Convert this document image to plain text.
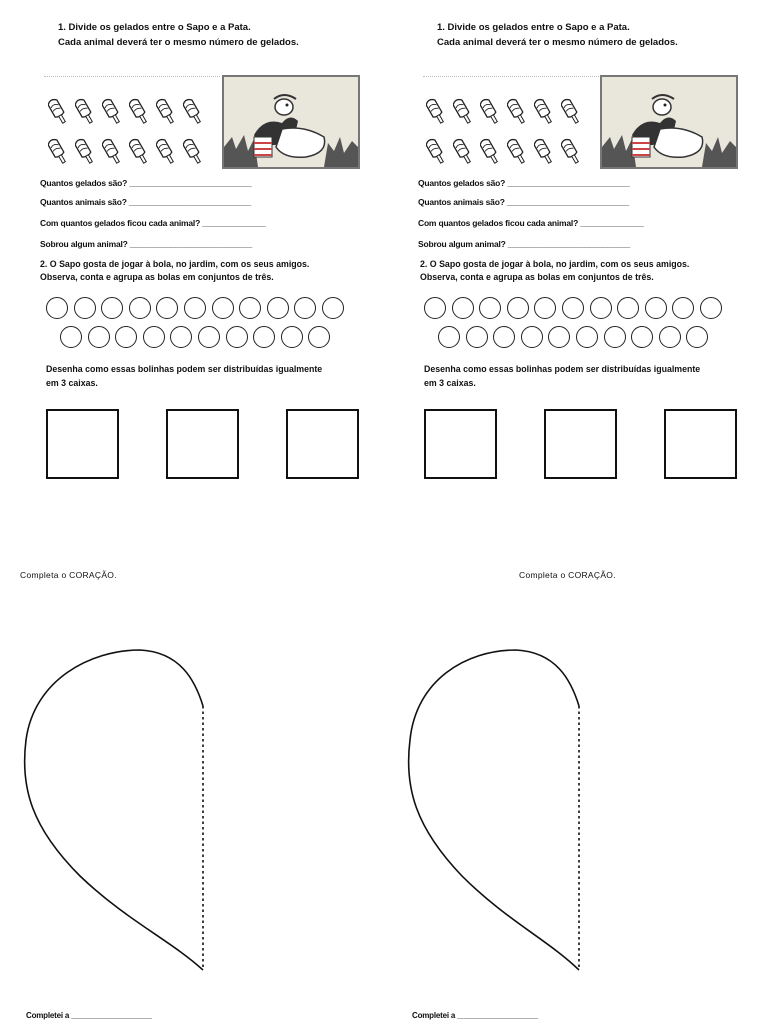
1. Divide os gelados entre o Sapo e a Pata.
Cada animal deverá ter o mesmo número de gelados.
Quantos gelados são? ___________________________
Quantos animais são? ___________________________
Com quantos gelados ficou cada animal? ______________
Sobrou algum animal? ___________________________
2. O Sapo gosta de jogar à bola, no jardim, com os seus amigos.
Observa, conta e agrupa as bolas em conjuntos de três.
Desenha como essas bolinhas podem ser distribuídas igualmente
em 3 caixas.
Completa o CORAÇÃO.
Completei a ___________________
1. Divide os gelados entre o Sapo e a Pata.
Cada animal deverá ter o mesmo número de gelados.
Quantos gelados são? ___________________________
Quantos animais são? ___________________________
Com quantos gelados ficou cada animal? ______________
Sobrou algum animal? ___________________________
2. O Sapo gosta de jogar à bola, no jardim, com os seus amigos.
Observa, conta e agrupa as bolas em conjuntos de três.
Desenha como essas bolinhas podem ser distribuídas igualmente
em 3 caixas.
Completa o CORAÇÃO.
Completei a ___________________
